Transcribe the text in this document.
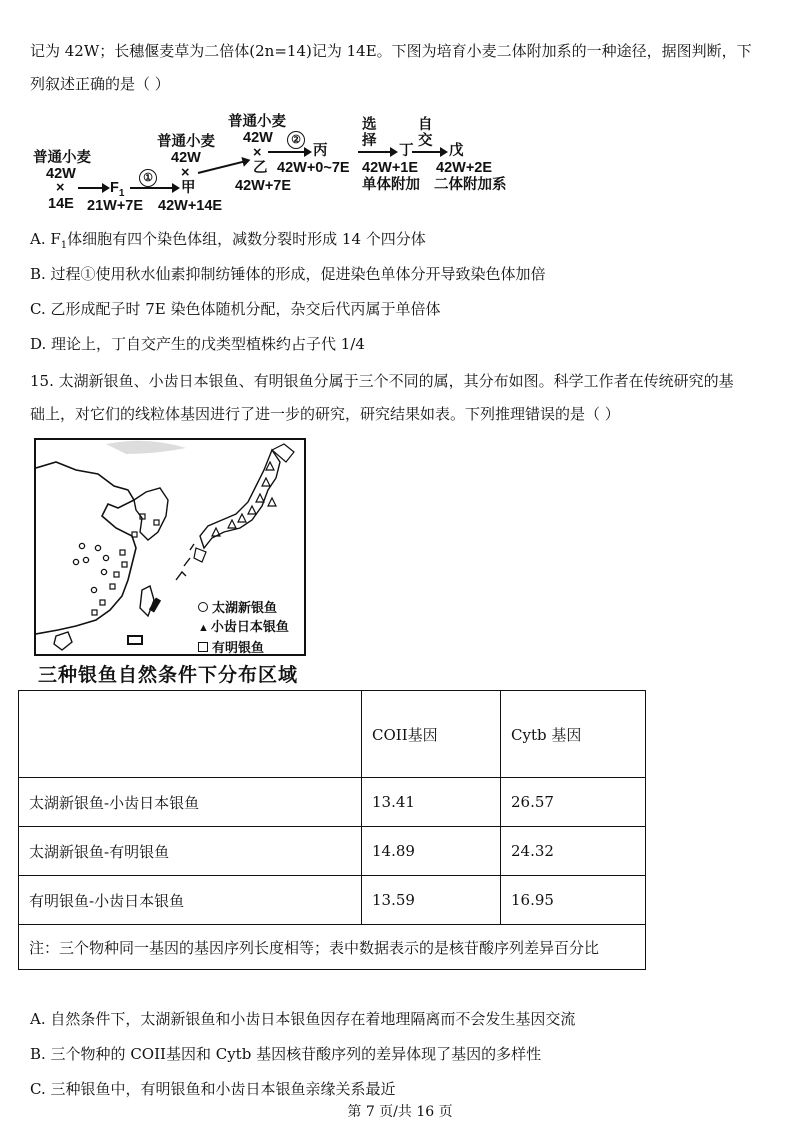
记为 42W；长穗偃麦草为二倍体(2n=14)记为 14E。下图为培育小麦二体附加系的一种途径，据图判断，下
列叙述正确的是（ ）
普通小麦
42W
×
14E
$F_1$
21W+7E
①
普通小麦
42W
×
甲
42W+14E
普通小麦
42W
×
乙
42W+7E
②
丙
42W+0~7E
选
择
丁
42W+1E
单体附加
自
交
戊
42W+2E
二体附加系
A. $F_1$体细胞有四个染色体组，减数分裂时形成 14 个四分体
B. 过程①使用秋水仙素抑制纺锤体的形成，促进染色单体分开导致染色体加倍
C. 乙形成配子时 7E 染色体随机分配，杂交后代丙属于单倍体
D. 理论上，丁自交产生的戊类型植株约占子代 1/4
15. 太湖新银鱼、小齿日本银鱼、有明银鱼分属于三个不同的属，其分布如图。科学工作者在传统研究的基
础上，对它们的线粒体基因进行了进一步的研究，研究结果如表。下列推理错误的是（ ）
太湖新银鱼
▲ 小齿日本银鱼
有明银鱼
三种银鱼自然条件下分布区域
	COII基因	Cytb 基因
太湖新银鱼-小齿日本银鱼	13.41	26.57
太湖新银鱼-有明银鱼	14.89	24.32
有明银鱼-小齿日本银鱼	13.59	16.95
注：三个物种同一基因的基因序列长度相等；表中数据表示的是核苷酸序列差异百分比		
A. 自然条件下，太湖新银鱼和小齿日本银鱼因存在着地理隔离而不会发生基因交流
B. 三个物种的 COII基因和 Cytb 基因核苷酸序列的差异体现了基因的多样性
C. 三种银鱼中，有明银鱼和小齿日本银鱼亲缘关系最近
第 7 页/共 16 页
